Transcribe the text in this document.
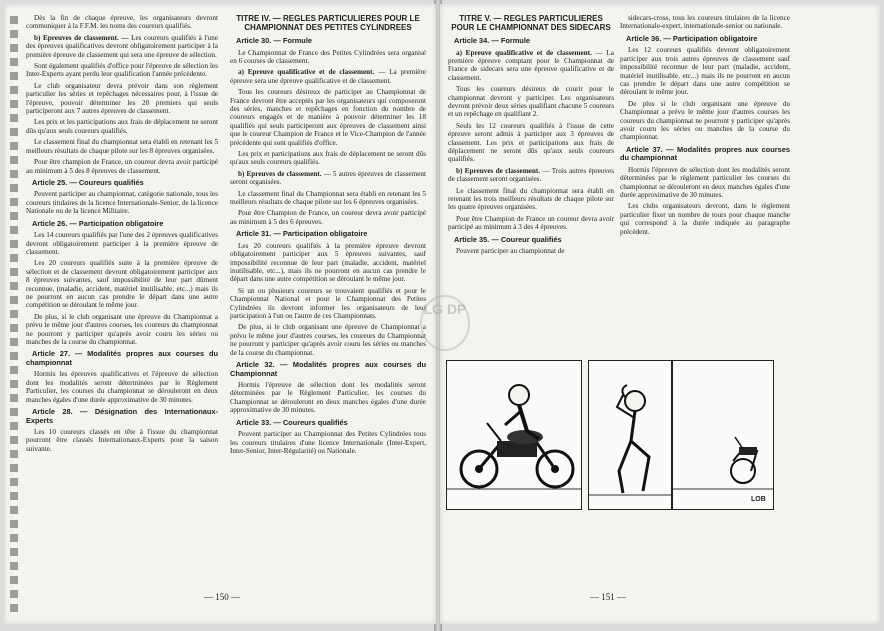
Dès la fin de chaque épreuve, les organisateurs devront communiquer à la F.F.M. les noms des coureurs qualifiés.

b) Epreuves de classement. — Les coureurs qualifiés à l'une des épreuves qualificatives devront obligatoirement participer à la première épreuve de classement qui sera une épreuve de sélection.

Sont également qualifiés d'office pour l'épreuve de sélection les Inter-Experts ayant perdu leur qualification l'année précédente.

Le club organisateur devra prévoir dans son règlement particulier les séries et repêchages nécessaires pour, à l'issue de l'épreuve, pouvoir déterminer les 20 premiers qui seuls participeront aux 7 autres épreuves de classement.

Les prix et les participations aux frais de déplacement ne seront dûs qu'aux seuls coureurs qualifiés.

Le classement final du championnat sera établi en retenant les 5 meilleurs résultats de chaque pilote sur les 8 épreuves organisées.

Pour être champion de France, un coureur devra avoir participé au minimum à 5 des 8 épreuves de classement.

Article 25. — Coureurs qualifiés

Peuvent participer au championnat, catégorie nationale, tous les coureurs titulaires de la licence Internationale-Senior, de la licence Nationale ou de la licence Militaire.

Article 26. — Participation obligatoire

Les 14 coureurs qualifiés par l'une des 2 épreuves qualificatives devront obligatoirement participer à la première épreuve de classement.

Les 20 coureurs qualifiés suite à la première épreuve de sélection et de classement devront obligatoirement participer aux 8 épreuves suivantes, sauf impossibilité de leur part dûment reconnue, (maladie, accident, matériel inutilisable, etc...) mais ils ne pourront en aucun cas prendre le départ dans une autre compétition se déroulant le même jour.

De plus, si le club organisant une épreuve du Championnat a prévu le même jour d'autres courses, les coureurs du championnat ne pourront y participer qu'après avoir couru les séries ou manches de la course du championnat.

Article 27. — Modalités propres aux courses du championnat

Hormis les épreuves qualificatives et l'épreuve de sélection dont les modalités seront déterminées par le Règlement Particulier, les courses du championnat se dérouleront en deux manches égales d'une durée approximative de 30 minutes.

Article 28. — Désignation des Internationaux-Experts

Les 10 coureurs classés en tête à l'issue du championnat pourront être classés Internationaux-Experts pour la saison suivante.

TITRE IV. — REGLES PARTICULIERES POUR LE CHAMPIONNAT DES PETITES CYLINDREES
Article 30. — Formule

Le Championnat de France des Petites Cylindrées sera organisé en 6 courses de classement.

a) Epreuve qualificative et de classement. — La première épreuve sera une épreuve qualificative et de classement.

Tous les coureurs désireux de participer au Championnat de France devront être acceptés par les organisateurs qui composeront des séries, manches et repêchages en fonction du nombre de coureurs engagés et de manière à pouvoir déterminer les 18 qualifiés qui seuls participeront aux épreuves de classement ainsi que le coureur Champion de France et le Vice-Champion de l'année précédente qui sont qualifiés d'office.

Les prix et participations aux frais de déplacement ne seront dûs qu'aux seuls coureurs qualifiés.

b) Epreuves de classement. — 5 autres épreuves de classement seront organisées.

Le classement final du Championnat sera établi en retenant les 5 meilleurs résultats de chaque pilote sur les 6 épreuves organisées.

Pour être Champion de France, un coureur devra avoir participé au minimum à 5 des 6 épreuves.

Article 31. — Participation obligatoire

Les 20 coureurs qualifiés à la première épreuve devront obligatoirement participer aux 5 épreuves suivantes, sauf impossibilité reconnue de leur part (maladie, accident, matériel inutilisable, etc...), mais ils ne pourront en aucun cas prendre le départ dans une autre compétition se déroulant le même jour.

Si un ou plusieurs coureurs se trouvaient qualifiés et pour le Championnat National et pour le Championnat des Petites Cylindrées ils devront informer les organisateurs de leur participation à l'un ou l'autre de ces Championnats.

De plus, si le club organisant une épreuve de Championnat a prévu le même jour d'autres courses, les coureurs du Championnat ne pourront y participer qu'après avoir couru les séries ou manches de la course du championnat.

Article 32. — Modalités propres aux courses du Championnat

Hormis l'épreuve de sélection dont les modalités seront déterminées par le Règlement Particulier, les courses du Championnat se dérouleront en deux manches égales d'une durée approximative de 30 minutes.

Article 33. — Coureurs qualifiés

Peuvent participer au Championnat des Petites Cylindrées tous les coureurs titulaires d'une licence Internationale (Inter-Expert, Inter-Senior, Inter-Régularité) ou Nationale.

— 150 —
TITRE V. — REGLES PARTICULIERES POUR LE CHAMPIONNAT DES SIDECARS
Article 34. — Formule

a) Epreuve qualificative et de classement. — La première épreuve comptant pour le Championnat de France de sidecars sera une épreuve qualificative et de classement.

Tous les coureurs désireux de courir pour le championnat devront y participer. Les organisateurs devront prévoir deux séries qualifiant chacune 5 coureurs et un repêchage en qualifiant 2.

Seuls les 12 coureurs qualifiés à l'issue de cette épreuve seront admis à participer aux 3 épreuves de classement. Les prix et participations aux frais de déplacement ne seront dûs qu'aux seuls coureurs qualifiés.

b) Epreuves de classement. — Trois autres épreuves de classement seront organisées.

Le classement final du championnat sera établi en retenant les trois meilleurs résultats de chaque pilote sur les quatre épreuves organisées.

Pour être Champion de France un coureur devra avoir participé au minimum à 3 des 4 épreuves.

Article 35. — Coureur qualifiés

Peuvent participer au championnat de

sidecars-cross, tous les coureurs titulaires de la licence Internationale-expert, internationale-senior ou nationale.

Article 36. — Participation obligatoire

Les 12 coureurs qualifiés devront obligatoirement participer aux trois autres épreuves de classement sauf impossibilité reconnue de leur part (maladie, accident, matériel inutilisable, etc...) mais ils ne pourront en aucun cas prendre le départ dans une autre compétition se déroulant le même jour.

De plus si le club organisant une épreuve du Championnat a prévu le même jour d'autres courses les coureurs du championnat ne pourront y participer qu'après avoir couru les séries ou manches de la course du championnat.

Article 37. — Modalités propres aux courses du championnat

Hormis l'épreuve de sélection dont les modalités seront déterminées par le règlement particulier les courses du championnat se dérouleront en deux manches égales d'une durée approximative de 30 minutes.

Les clubs organisateurs devront, dans le règlement particulier fixer un nombre de tours pour chaque manche qui correspond à la durée indiquée au paragraphe précédent.

— 151 —
LG DP
LOB
